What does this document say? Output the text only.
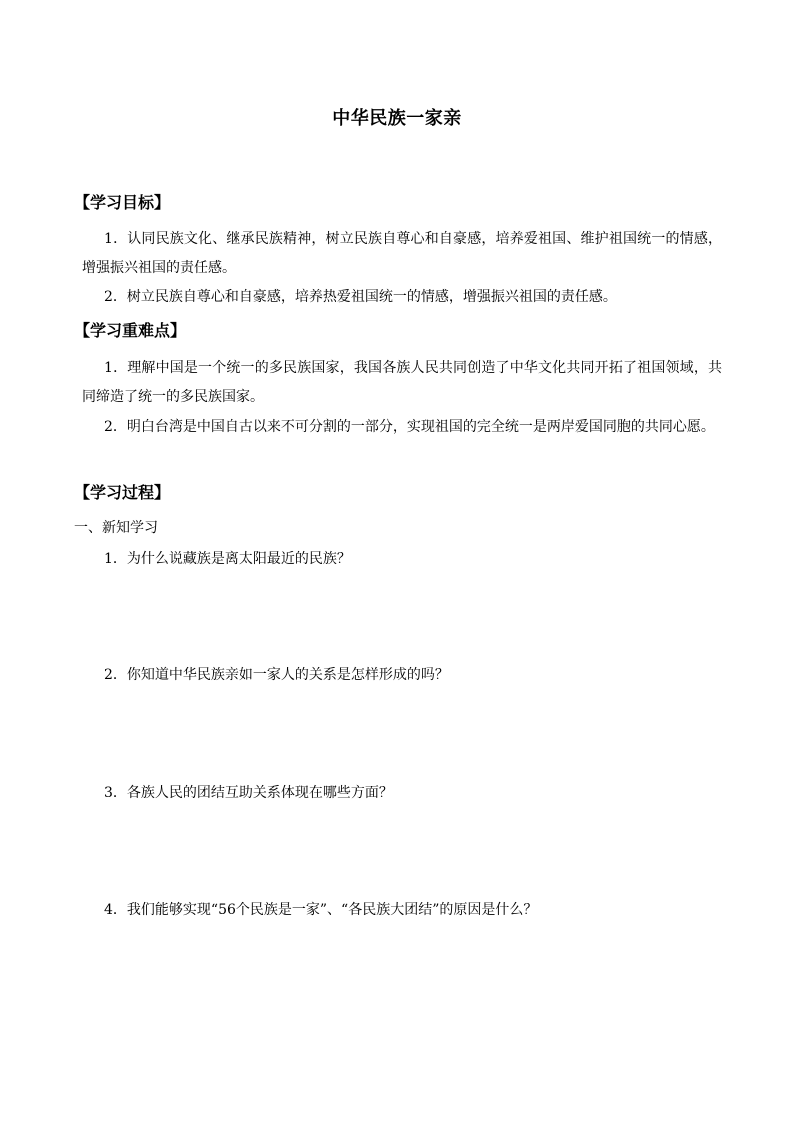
中华民族一家亲
【学习目标】
1．认同民族文化、继承民族精神，树立民族自尊心和自豪感，培养爱祖国、维护祖国统一的情感，增强振兴祖国的责任感。
2．树立民族自尊心和自豪感，培养热爱祖国统一的情感，增强振兴祖国的责任感。
【学习重难点】
1．理解中国是一个统一的多民族国家，我国各族人民共同创造了中华文化共同开拓了祖国领域，共同缔造了统一的多民族国家。
2．明白台湾是中国自古以来不可分割的一部分，实现祖国的完全统一是两岸爱国同胞的共同心愿。
【学习过程】
一、新知学习
1．为什么说藏族是离太阳最近的民族？
2．你知道中华民族亲如一家人的关系是怎样形成的吗？
3．各族人民的团结互助关系体现在哪些方面？
4．我们能够实现“56个民族是一家”、“各民族大团结”的原因是什么？
